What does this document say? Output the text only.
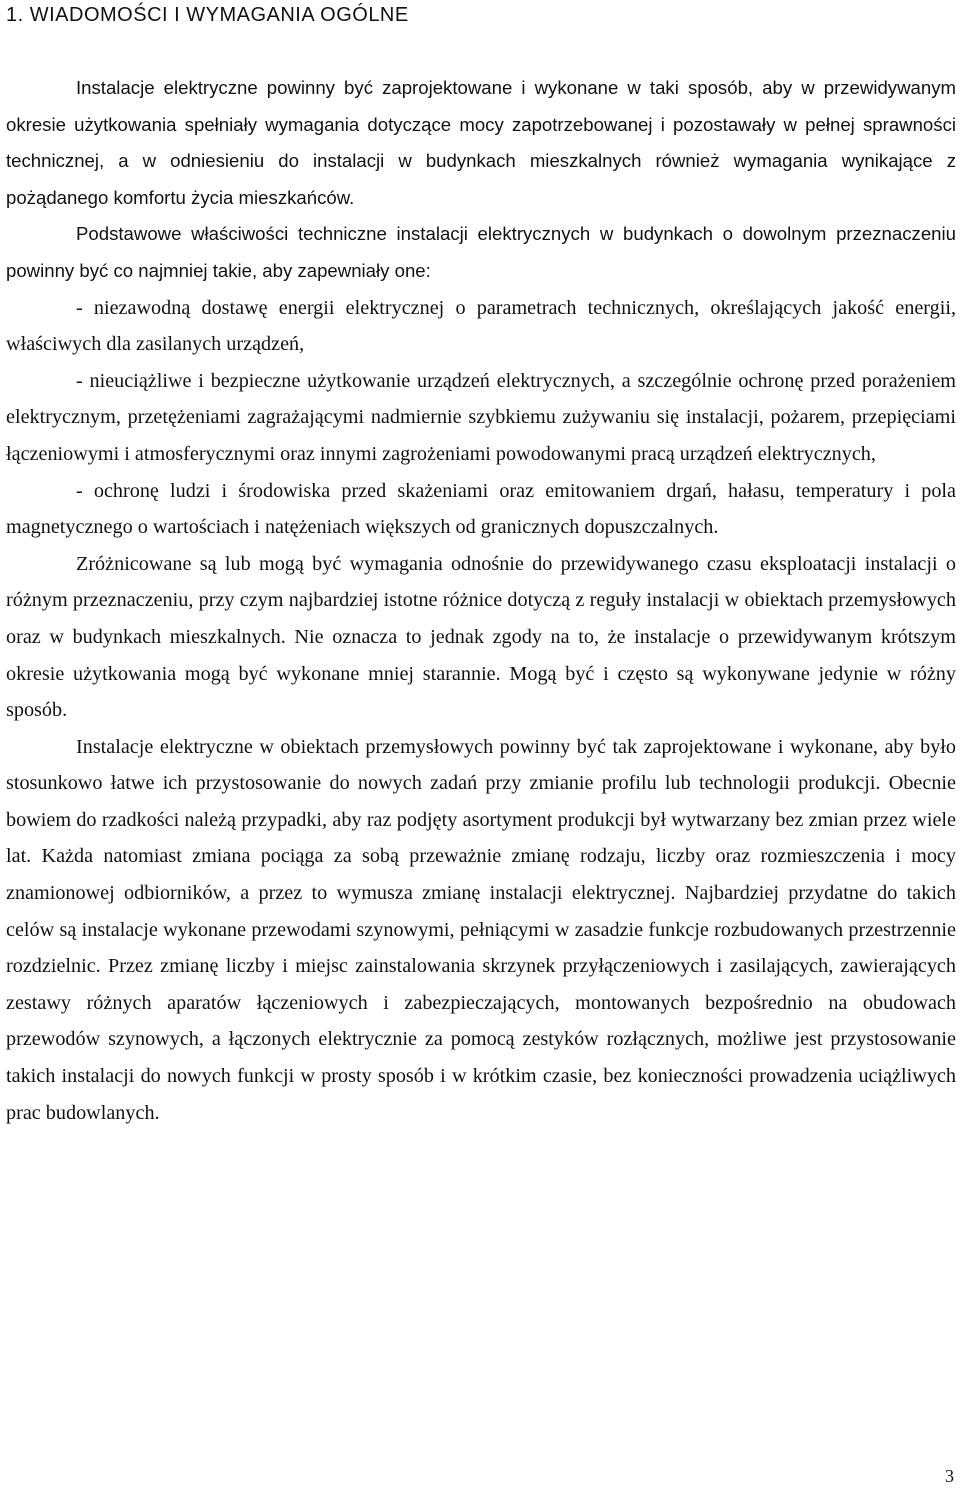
1. WIADOMOŚCI I WYMAGANIA OGÓLNE

Instalacje elektryczne powinny być zaprojektowane i wykonane w taki sposób, aby w przewidywanym okresie użytkowania spełniały wymagania dotyczące mocy zapotrzebowanej i pozostawały w pełnej sprawności technicznej, a w odniesieniu do instalacji w budynkach mieszkalnych również wymagania wynikające z pożądanego komfortu życia mieszkańców.

Podstawowe właściwości techniczne instalacji elektrycznych w budynkach o dowolnym przeznaczeniu powinny być co najmniej takie, aby zapewniały one:

- niezawodną dostawę energii elektrycznej o parametrach technicznych, określających jakość energii, właściwych dla zasilanych urządzeń,

- nieuciążliwe i bezpieczne użytkowanie urządzeń elektrycznych, a szczególnie ochronę przed porażeniem elektrycznym, przetężeniami zagrażającymi nadmiernie szybkiemu zużywaniu się instalacji, pożarem, przepięciami łączeniowymi i atmosferycznymi oraz innymi zagrożeniami powodowanymi pracą urządzeń elektrycznych,

- ochronę ludzi i środowiska przed skażeniami oraz emitowaniem drgań, hałasu, temperatury i pola magnetycznego o wartościach i natężeniach większych od granicznych dopuszczalnych.

Zróżnicowane są lub mogą być wymagania odnośnie do przewidywanego czasu eksploatacji instalacji o różnym przeznaczeniu, przy czym najbardziej istotne różnice dotyczą z reguły instalacji w obiektach przemysłowych oraz w budynkach mieszkalnych. Nie oznacza to jednak zgody na to, że instalacje o przewidywanym krótszym okresie użytkowania mogą być wykonane mniej starannie. Mogą być i często są wykonywane jedynie w różny sposób.

Instalacje elektryczne w obiektach przemysłowych powinny być tak zaprojektowane i wykonane, aby było stosunkowo łatwe ich przystosowanie do nowych zadań przy zmianie profilu lub technologii produkcji. Obecnie bowiem do rzadkości należą przypadki, aby raz podjęty asortyment produkcji był wytwarzany bez zmian przez wiele lat. Każda natomiast zmiana pociąga za sobą przeważnie zmianę rodzaju, liczby oraz rozmieszczenia i mocy znamionowej odbiorników, a przez to wymusza zmianę instalacji elektrycznej. Najbardziej przydatne do takich celów są instalacje wykonane przewodami szynowymi, pełniącymi w zasadzie funkcje rozbudowanych przestrzennie rozdzielnic. Przez zmianę liczby i miejsc zainstalowania skrzynek przyłączeniowych i zasilających, zawierających zestawy różnych aparatów łączeniowych i zabezpieczających, montowanych bezpośrednio na obudowach przewodów szynowych, a łączonych elektrycznie za pomocą zestyków rozłącznych, możliwe jest przystosowanie takich instalacji do nowych funkcji w prosty sposób i w krótkim czasie, bez konieczności prowadzenia uciążliwych prac budowlanych.

3
